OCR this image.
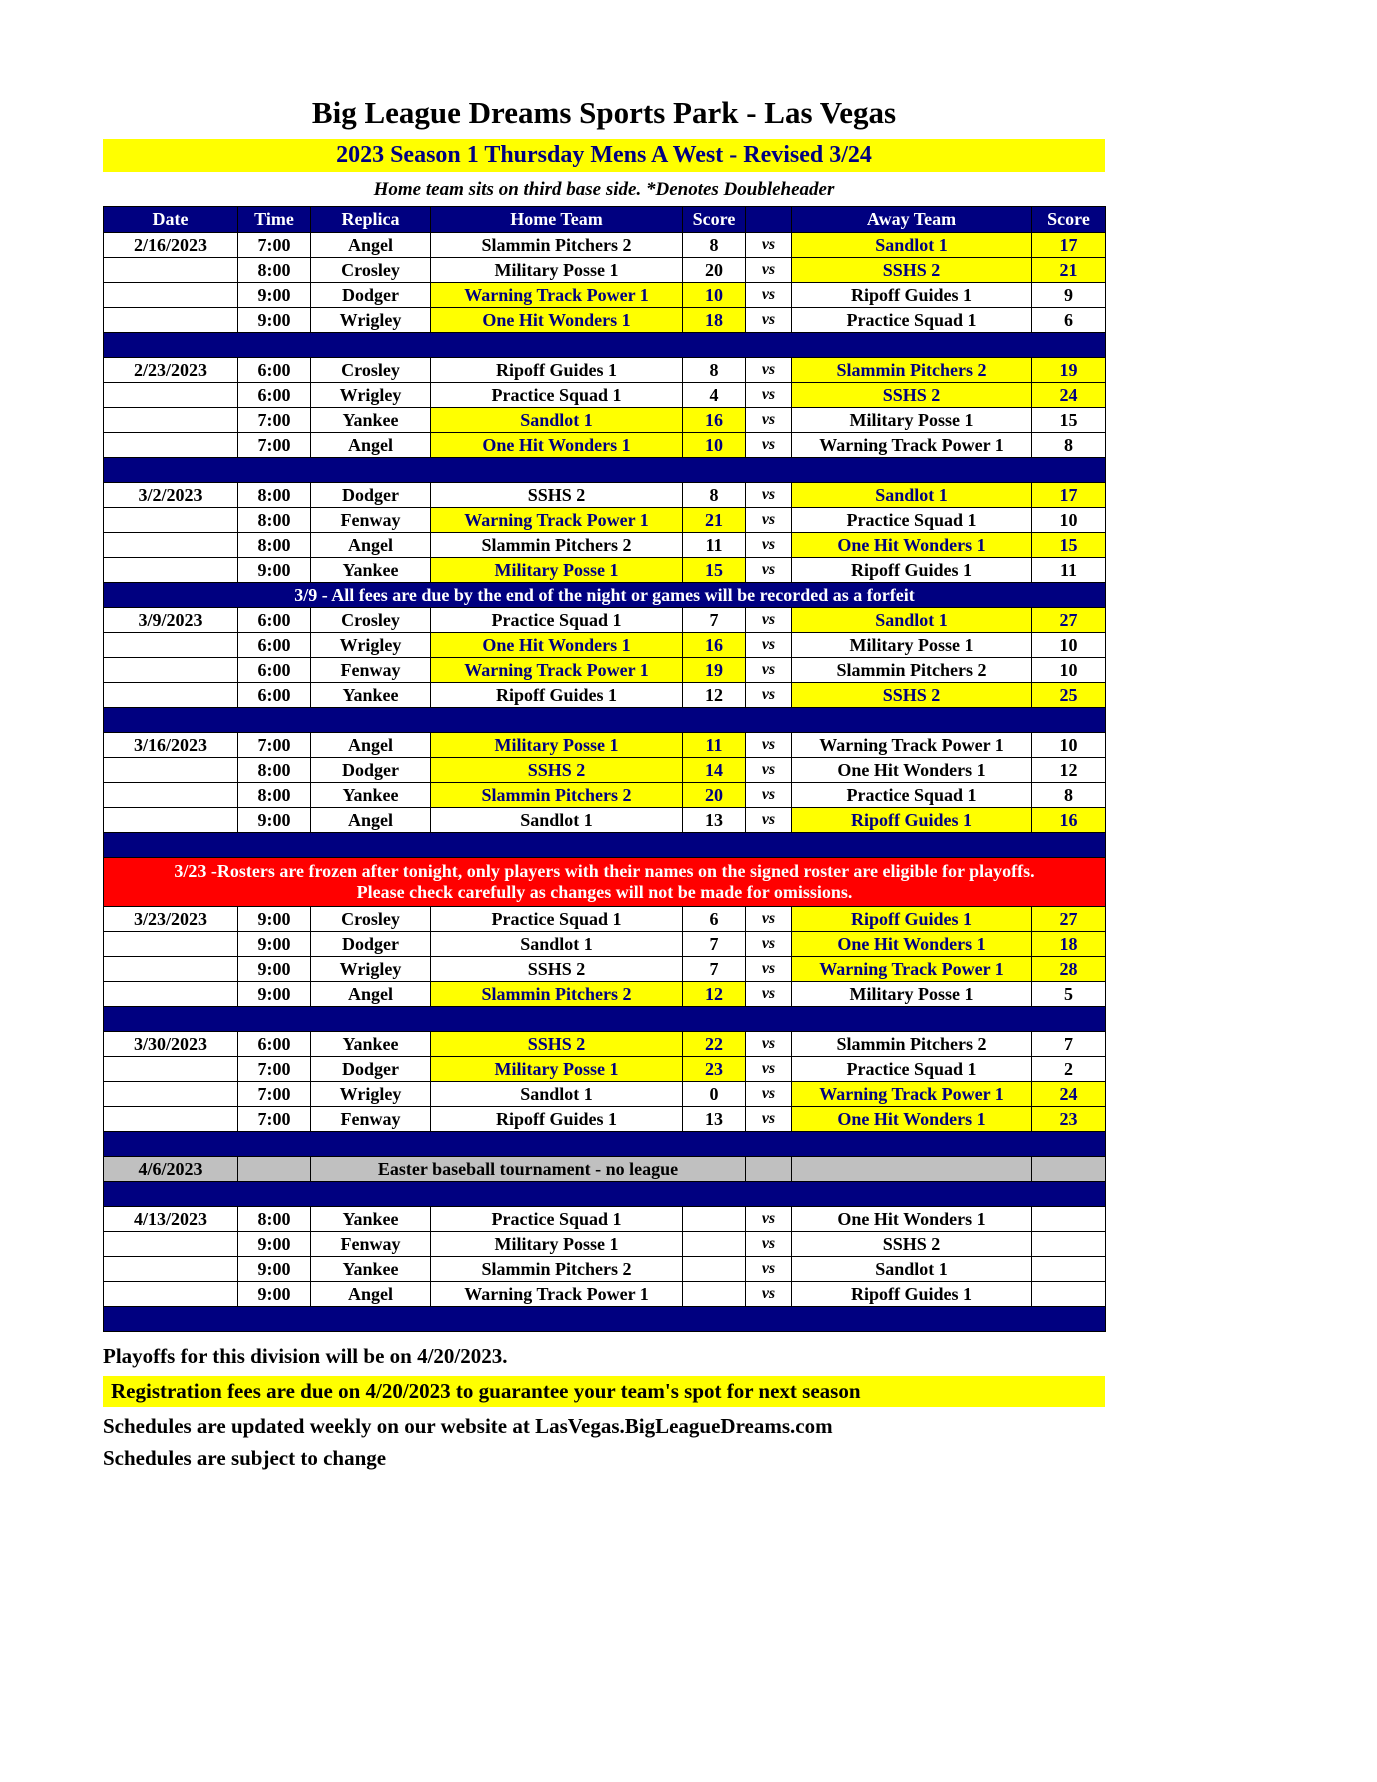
Big League Dreams Sports Park - Las Vegas
2023 Season 1 Thursday Mens A West - Revised 3/24
Home team sits on third base side. *Denotes Doubleheader
Date	Time	Replica	Home Team	Score		Away Team	Score
2/16/2023	7:00	Angel	Slammin Pitchers 2	8	vs	Sandlot 1	17
	8:00	Crosley	Military Posse 1	20	vs	SSHS 2	21
	9:00	Dodger	Warning Track Power 1	10	vs	Ripoff Guides 1	9
	9:00	Wrigley	One Hit Wonders 1	18	vs	Practice Squad 1	6

2/23/2023	6:00	Crosley	Ripoff Guides 1	8	vs	Slammin Pitchers 2	19
	6:00	Wrigley	Practice Squad 1	4	vs	SSHS 2	24
	7:00	Yankee	Sandlot 1	16	vs	Military Posse 1	15
	7:00	Angel	One Hit Wonders 1	10	vs	Warning Track Power 1	8

3/2/2023	8:00	Dodger	SSHS 2	8	vs	Sandlot 1	17
	8:00	Fenway	Warning Track Power 1	21	vs	Practice Squad 1	10
	8:00	Angel	Slammin Pitchers 2	11	vs	One Hit Wonders 1	15
	9:00	Yankee	Military Posse 1	15	vs	Ripoff Guides 1	11
3/9 - All fees are due by the end of the night or games will be recorded as a forfeit							
3/9/2023	6:00	Crosley	Practice Squad 1	7	vs	Sandlot 1	27
	6:00	Wrigley	One Hit Wonders 1	16	vs	Military Posse 1	10
	6:00	Fenway	Warning Track Power 1	19	vs	Slammin Pitchers 2	10
	6:00	Yankee	Ripoff Guides 1	12	vs	SSHS 2	25

3/16/2023	7:00	Angel	Military Posse 1	11	vs	Warning Track Power 1	10
	8:00	Dodger	SSHS 2	14	vs	One Hit Wonders 1	12
	8:00	Yankee	Slammin Pitchers 2	20	vs	Practice Squad 1	8
	9:00	Angel	Sandlot 1	13	vs	Ripoff Guides 1	16

3/23 -Rosters are frozen after tonight, only players with their names on the signed roster are eligible for playoffs.
Please check carefully as changes will not be made for omissions.							

3/23/2023	9:00	Crosley	Practice Squad 1	6	vs	Ripoff Guides 1	27
	9:00	Dodger	Sandlot 1	7	vs	One Hit Wonders 1	18
	9:00	Wrigley	SSHS 2	7	vs	Warning Track Power 1	28
	9:00	Angel	Slammin Pitchers 2	12	vs	Military Posse 1	5

3/30/2023	6:00	Yankee	SSHS 2	22	vs	Slammin Pitchers 2	7
	7:00	Dodger	Military Posse 1	23	vs	Practice Squad 1	2
	7:00	Wrigley	Sandlot 1	0	vs	Warning Track Power 1	24
	7:00	Fenway	Ripoff Guides 1	13	vs	One Hit Wonders 1	23

4/6/2023		Easter baseball tournament - no league					

4/13/2023	8:00	Yankee	Practice Squad 1		vs	One Hit Wonders 1	
	9:00	Fenway	Military Posse 1		vs	SSHS 2	
	9:00	Yankee	Slammin Pitchers 2		vs	Sandlot 1	
	9:00	Angel	Warning Track Power 1		vs	Ripoff Guides 1	

Playoffs for this division will be on 4/20/2023.
Registration fees are due on 4/20/2023 to guarantee your team's spot for next season
Schedules are updated weekly on our website at LasVegas.BigLeagueDreams.com
Schedules are subject to change
